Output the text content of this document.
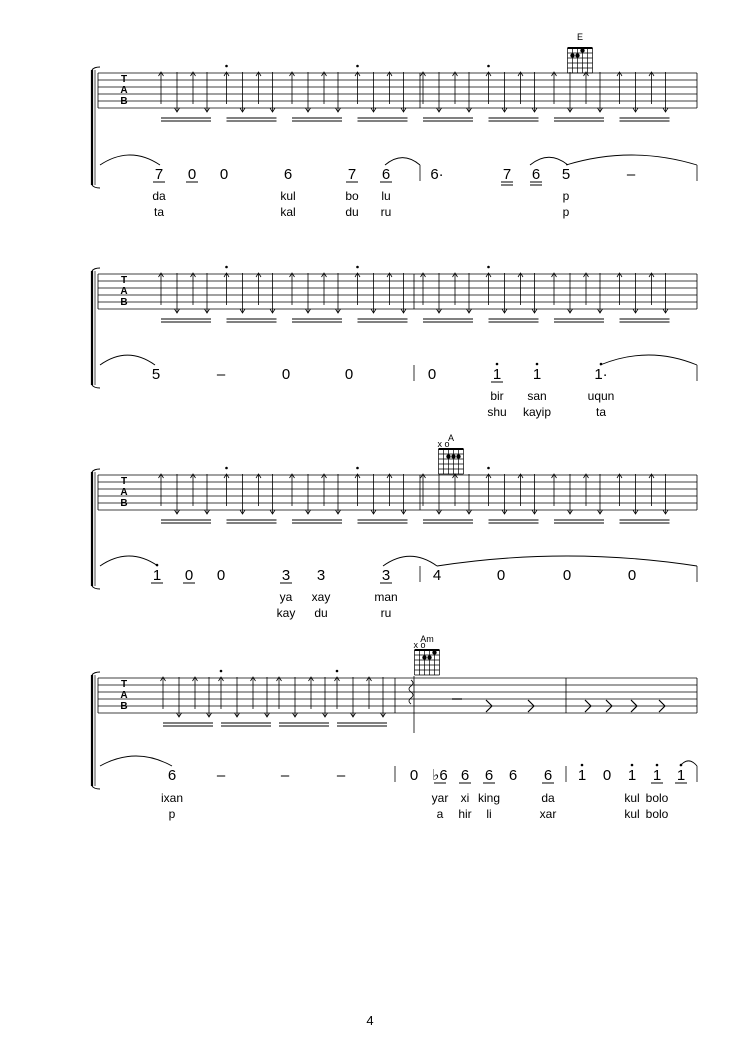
T
A
B
7 0 0	6	7 6	6·	7 6 5	–
da	kul	bo lu	p
ta	kal	du ru	p
E
T
A
B
5	–	0	0	0	1 1	1·
bir san	uqun
shu kayip	ta
T
A
B
1 0 0	3 3	3	4	0	0	0
ya xay	man
kay du	ru
A
x o
T
A
B
6	–	–	–	0 ♭6 6 6 6 6 1 0 1 1 1
ixan	yar xi king	da	kul bolo
p	a hir li	xar	kul bolo
Am
x o
4
